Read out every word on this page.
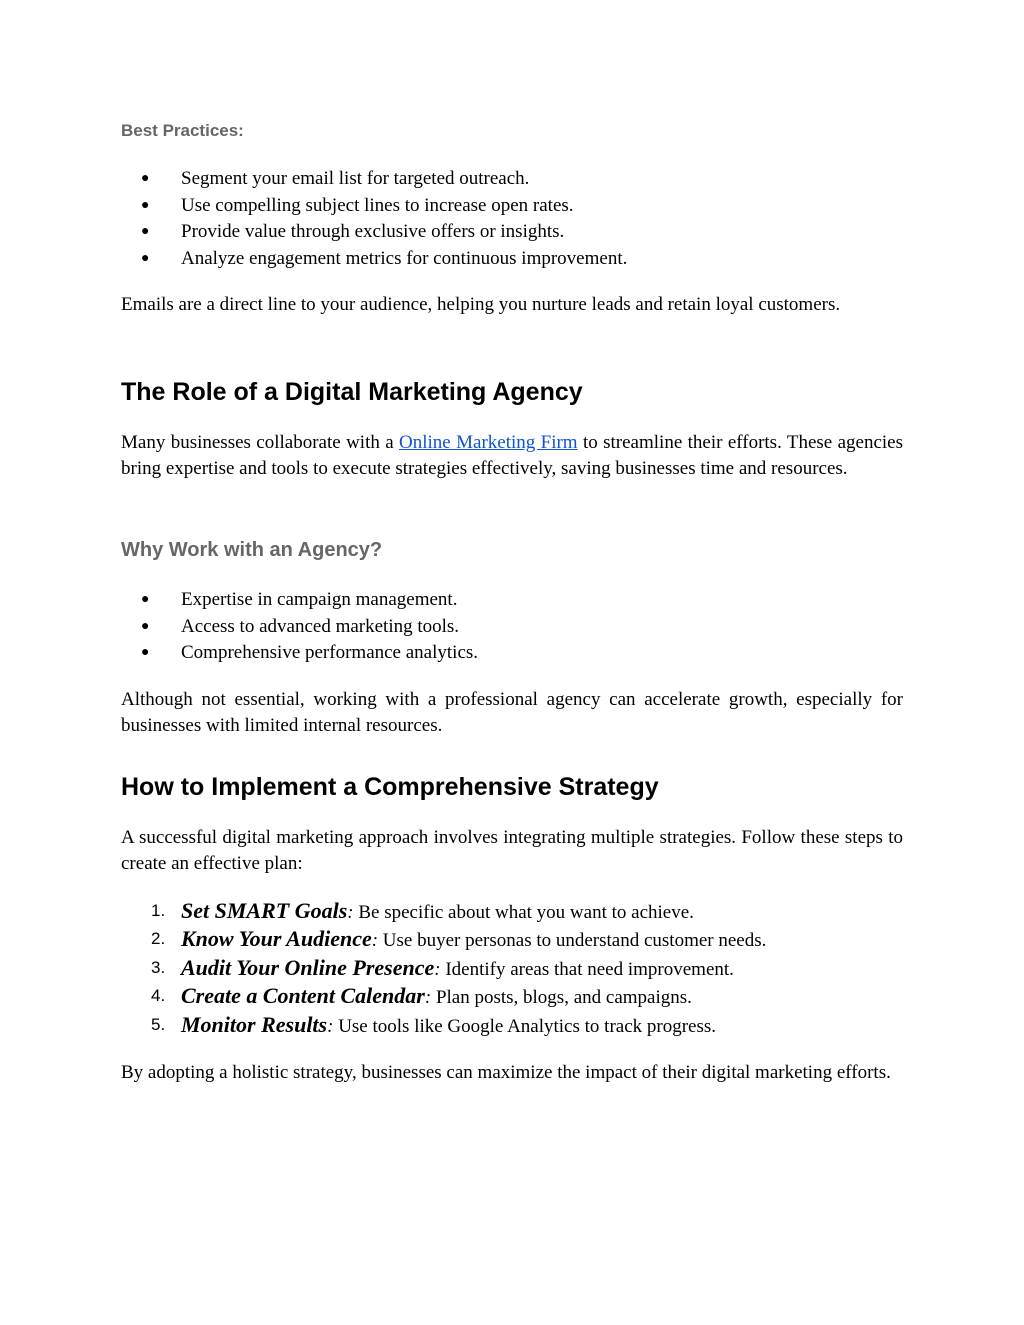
Best Practices:
● Segment your email list for targeted outreach.
● Use compelling subject lines to increase open rates.
● Provide value through exclusive offers or insights.
● Analyze engagement metrics for continuous improvement.

Emails are a direct line to your audience, helping you nurture leads and retain loyal customers.

The Role of a Digital Marketing Agency

Many businesses collaborate with a Online Marketing Firm to streamline their efforts. These agencies bring expertise and tools to execute strategies effectively, saving businesses time and resources.

Why Work with an Agency?
● Expertise in campaign management.
● Access to advanced marketing tools.
● Comprehensive performance analytics.

Although not essential, working with a professional agency can accelerate growth, especially for businesses with limited internal resources.

How to Implement a Comprehensive Strategy

A successful digital marketing approach involves integrating multiple strategies. Follow these steps to create an effective plan:

1. Set SMART Goals: Be specific about what you want to achieve.
2. Know Your Audience: Use buyer personas to understand customer needs.
3. Audit Your Online Presence: Identify areas that need improvement.
4. Create a Content Calendar: Plan posts, blogs, and campaigns.
5. Monitor Results: Use tools like Google Analytics to track progress.

By adopting a holistic strategy, businesses can maximize the impact of their digital marketing efforts.
